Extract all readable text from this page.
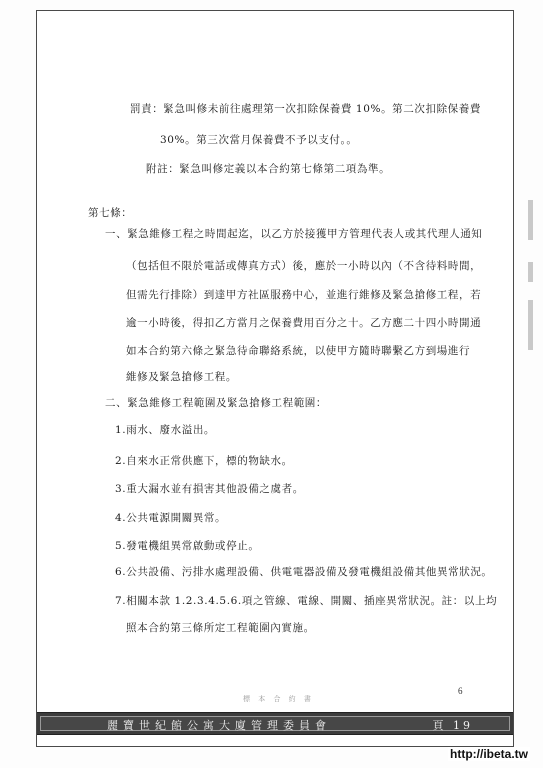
罰責：緊急叫修未前往處理第一次扣除保養費 10%。第二次扣除保養費
30%。第三次當月保養費不予以支付。。
附註：緊急叫修定義以本合約第七條第二項為準。
第七條：
一、緊急維修工程之時間起迄，以乙方於接獲甲方管理代表人或其代理人通知
（包括但不限於電話或傳真方式）後，應於一小時以內（不含待料時間，
但需先行排除）到達甲方社區服務中心，並進行維修及緊急搶修工程，若
逾一小時後，得扣乙方當月之保養費用百分之十。乙方應二十四小時開通
如本合約第六條之緊急待命聯絡系統，以使甲方隨時聯繫乙方到場進行
維修及緊急搶修工程。
二、緊急維修工程範圍及緊急搶修工程範圍：
1.雨水、廢水溢出。
2.自來水正常供應下，標的物缺水。
3.重大漏水並有損害其他設備之虞者。
4.公共電源開關異常。
5.發電機組異常啟動或停止。
6.公共設備、污排水處理設備、供電電器設備及發電機組設備其他異常狀況。
7.相關本款 1.2.3.4.5.6.項之管線、電線、開關、插座異常狀況。註：以上均
照本合約第三條所定工程範圍內實施。
標 本 合 約 書
6
麗寶世紀館公寓大廈管理委員會	頁 19
http://ibeta.tw
